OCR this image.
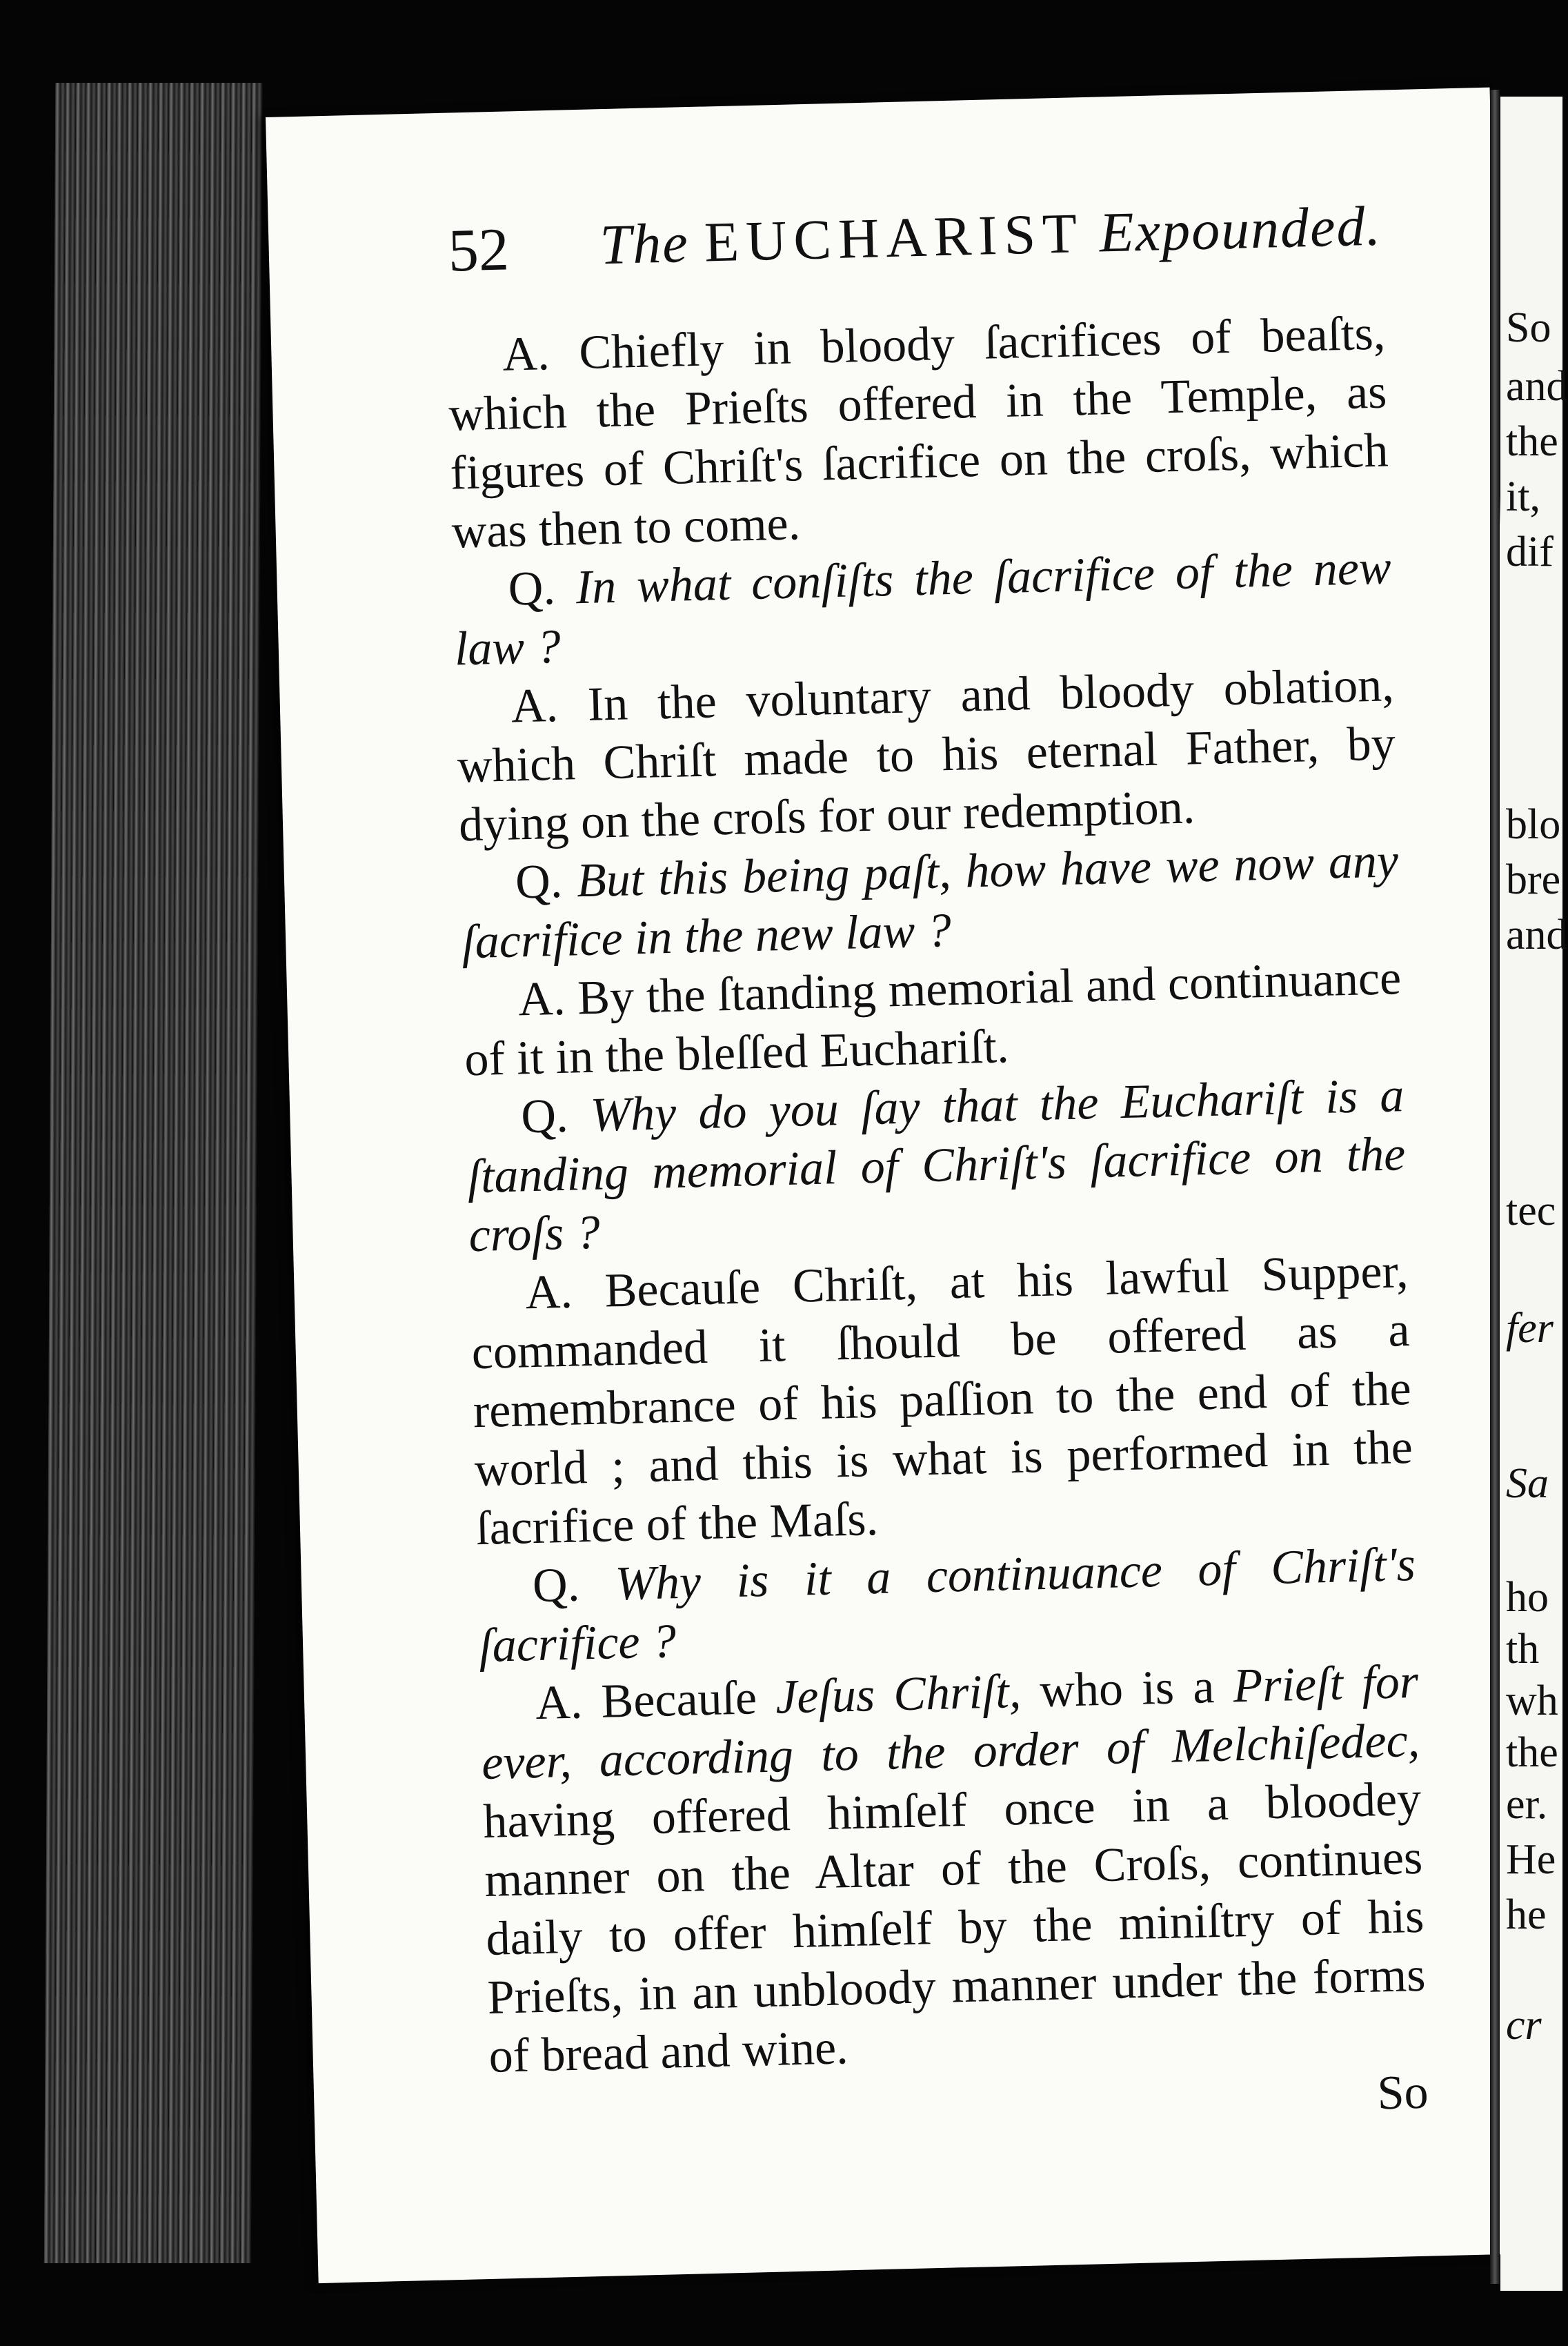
52 The EUCHARIST Expounded.

A. Chiefly in bloody ſacrifices of beaſts, which the Prieſts offered in the Temple, as figures of Chriſt's ſacrifice on the croſs, which was then to come.

Q. In what conſiſts the ſacrifice of the new law ?

A. In the voluntary and bloody oblation, which Chriſt made to his eternal Father, by dying on the croſs for our redemption.

Q. But this being paſt, how have we now any ſacrifice in the new law ?

A. By the ſtanding memorial and continuance of it in the bleſſed Euchariſt.

Q. Why do you ſay that the Euchariſt is a ſtanding memorial of Chriſt's ſacrifice on the croſs ?

A. Becauſe Chriſt, at his lawful Supper, commanded it ſhould be offered as a remembrance of his paſſion to the end of the world ; and this is what is performed in the ſacrifice of the Maſs.

Q. Why is it a continuance of Chriſt's ſacrifice ?

A. Becauſe Jeſus Chriſt, who is a Prieſt for ever, according to the order of Melchiſedec, having offered himſelf once in a bloodey manner on the Altar of the Croſs, continues daily to offer himſelf by the miniſtry of his Prieſts, in an unbloody manner under the forms of bread and wine.

So

So
and
the
it,
dif
blo
bre
and
tec
fer
Sa
ho
th
wh
the
er.
He
he
cr
